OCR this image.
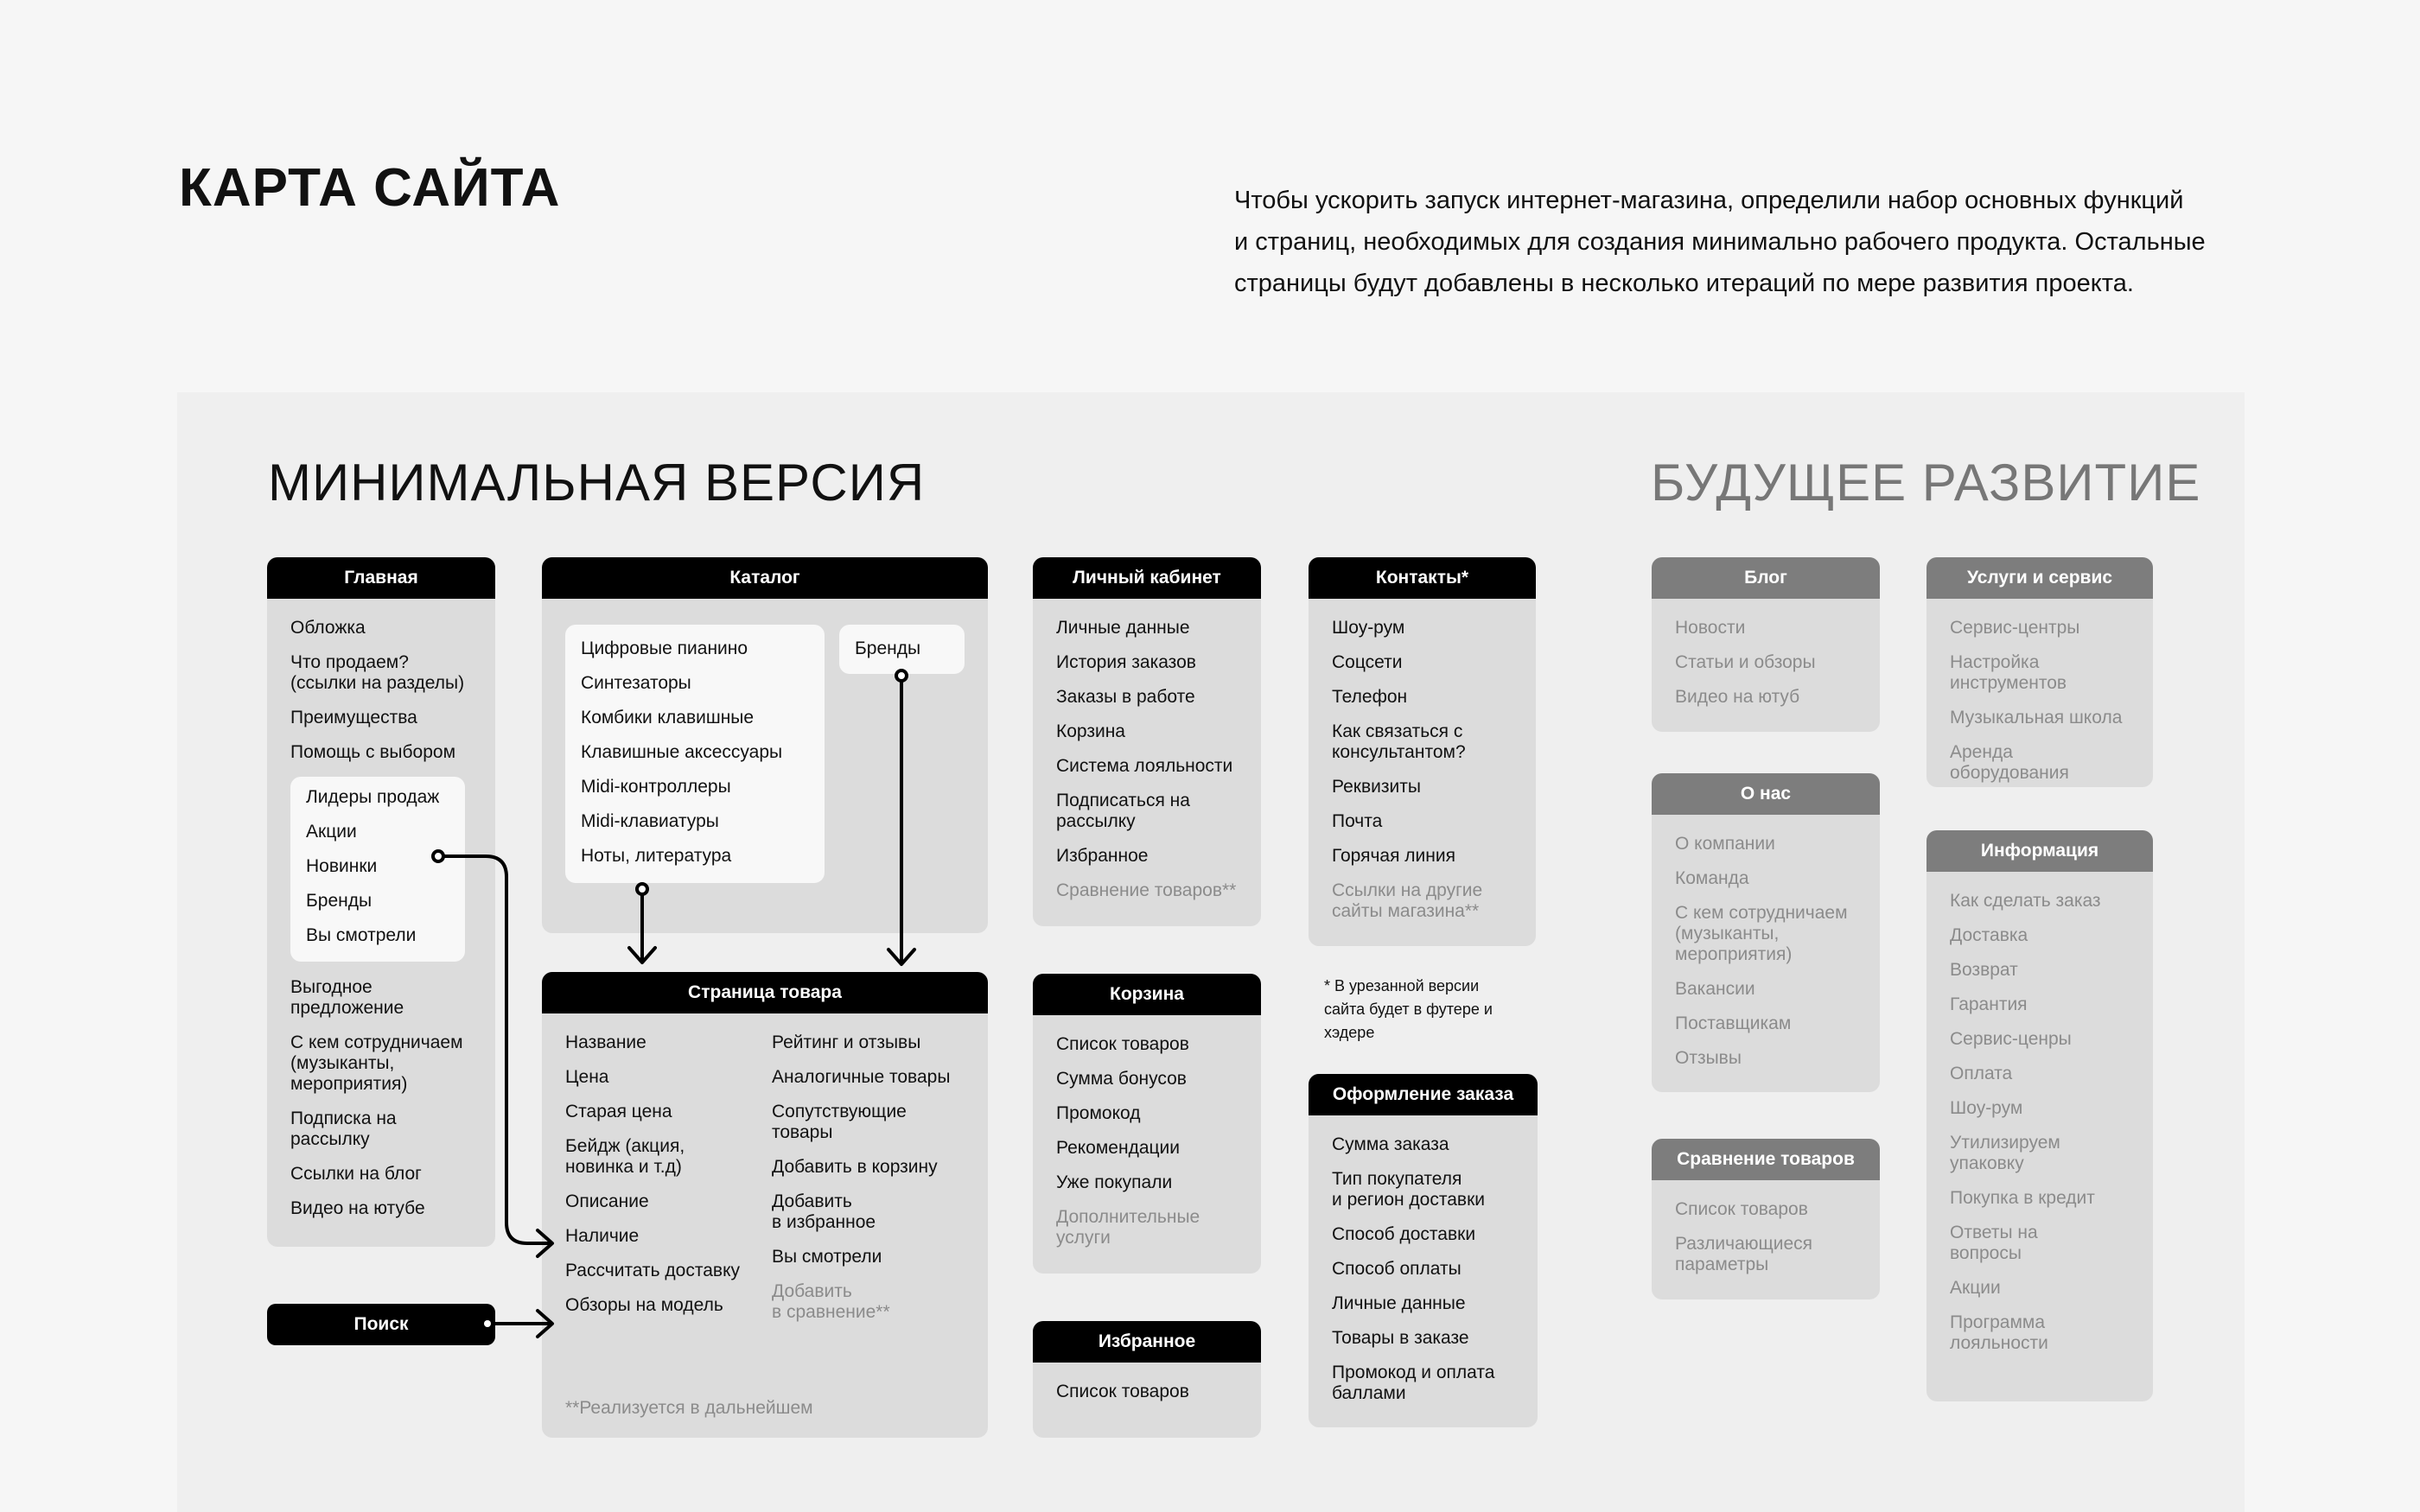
КАРТА САЙТА	Чтобы ускорить запуск интернет-магазина, определили набор основных функций
и страниц, необходимых для создания минимально рабочего продукта. Остальные
страницы будут добавлены в несколько итераций по мере развития проекта.
МИНИМАЛЬНАЯ ВЕРСИЯ	БУДУЩЕЕ РАЗВИТИЕ
Главная
Обложка
Что продаем?
(ссылки на разделы)
Преимущества
Помощь с выбором
Лидеры продаж
Акции
Новинки
Бренды
Вы смотрели
Выгодное
предложение
С кем сотрудничаем
(музыканты,
мероприятия)
Подписка на
рассылку
Ссылки на блог
Видео на ютубе
Каталог
Цифровые пианино
Синтезаторы
Комбики клавишные
Клавишные аксессуары
Midi-контроллеры
Midi-клавиатуры
Ноты, литература
Бренды
Страница товара
Название
Цена
Старая цена
Бейдж (акция,
новинка и т.д)
Описание
Наличие
Рассчитать доставку
Обзоры на модель
Рейтинг и отзывы
Аналогичные товары
Сопутствующие
товары
Добавить в корзину
Добавить
в избранное
Вы смотрели
Добавить
в сравнение**
**Реализуется в дальнейшем
Личный кабинет
Личные данные
История заказов
Заказы в работе
Корзина
Система лояльности
Подписаться на
рассылку
Избранное
Сравнение товаров**
Корзина
Список товаров
Сумма бонусов
Промокод
Рекомендации
Уже покупали
Дополнительные
услуги
Избранное
Список товаров
Контакты*
Шоу-рум
Соцсети
Телефон
Как связаться с
консультантом?
Реквизиты
Почта
Горячая линия
Ссылки на другие
сайты магазина**
Оформление заказа
Сумма заказа
Тип покупателя
и регион доставки
Способ доставки
Способ оплаты
Личные данные
Товары в заказе
Промокод и оплата
баллами
Блог
Новости
Статьи и обзоры
Видео на ютуб
О нас
О компании
Команда
С кем сотрудничаем
(музыканты,
мероприятия)
Вакансии
Поставщикам
Отзывы
Сравнение товаров
Список товаров
Различающиеся
параметры
Услуги и сервис
Сервис-центры
Настройка
инструментов
Музыкальная школа
Аренда оборудования
Информация
Как сделать заказ
Доставка
Возврат
Гарантия
Сервис-ценры
Оплата
Шоу-рум
Утилизируем
упаковку
Покупка в кредит
Ответы на
вопросы
Акции
Программа
лояльности
Поиск
* В урезанной версии
сайта будет в футере и
хэдере
